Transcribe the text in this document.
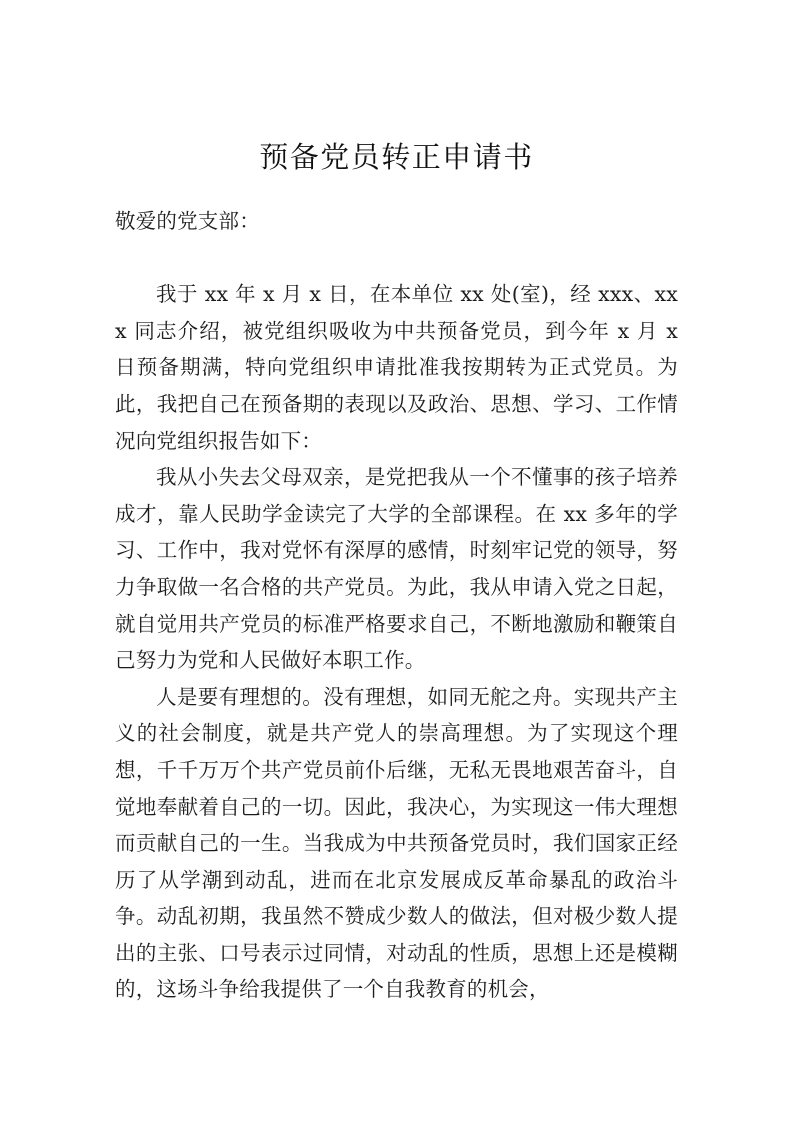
预备党员转正申请书

敬爱的党支部：

我于 xx 年 x 月 x 日，在本单位 xx 处(室)，经 xxx、xxx 同志介绍，被党组织吸收为中共预备党员，到今年 x 月 x 日预备期满，特向党组织申请批准我按期转为正式党员。为此，我把自己在预备期的表现以及政治、思想、学习、工作情况向党组织报告如下：

我从小失去父母双亲，是党把我从一个不懂事的孩子培养成才，靠人民助学金读完了大学的全部课程。在 xx 多年的学习、工作中，我对党怀有深厚的感情，时刻牢记党的领导，努力争取做一名合格的共产党员。为此，我从申请入党之日起，就自觉用共产党员的标准严格要求自己，不断地激励和鞭策自己努力为党和人民做好本职工作。

人是要有理想的。没有理想，如同无舵之舟。实现共产主义的社会制度，就是共产党人的崇高理想。为了实现这个理想，千千万万个共产党员前仆后继，无私无畏地艰苦奋斗，自觉地奉献着自己的一切。因此，我决心，为实现这一伟大理想而贡献自己的一生。当我成为中共预备党员时，我们国家正经历了从学潮到动乱，进而在北京发展成反革命暴乱的政治斗争。动乱初期，我虽然不赞成少数人的做法，但对极少数人提出的主张、口号表示过同情，对动乱的性质，思想上还是模糊的，这场斗争给我提供了一个自我教育的机会，
